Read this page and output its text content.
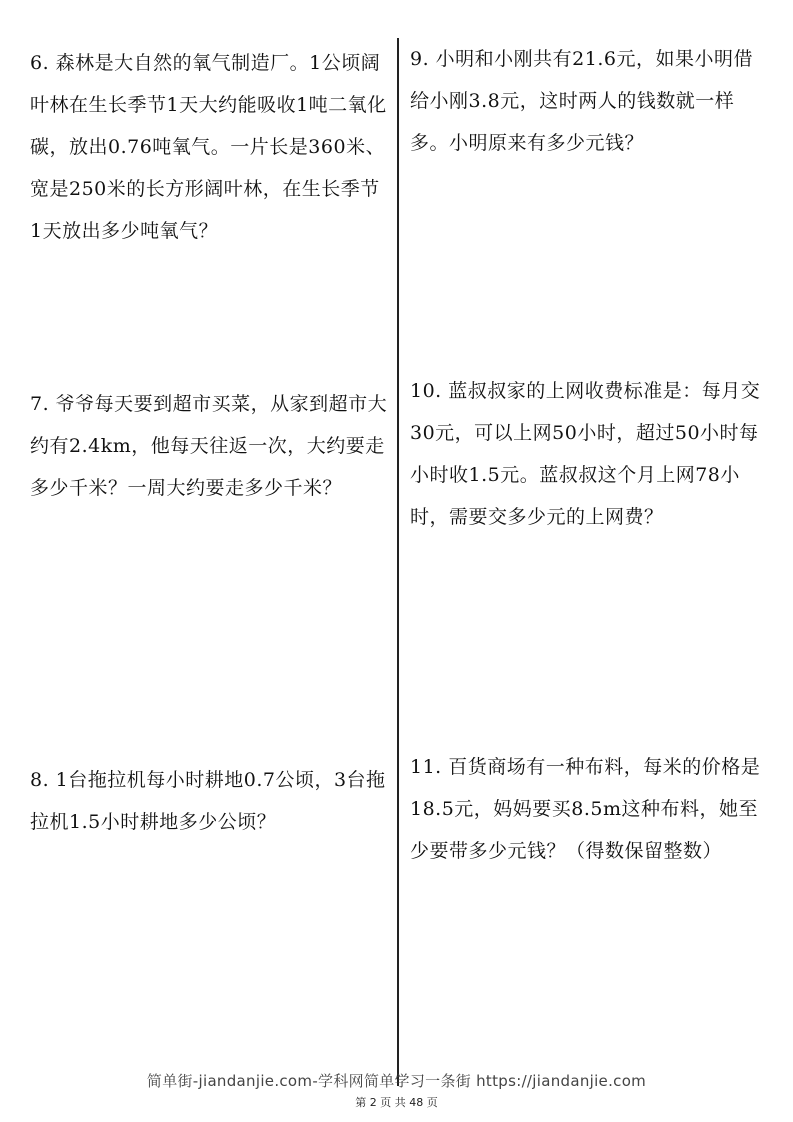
6. 森林是大自然的氧气制造厂。1公顷阔叶林在生长季节1天大约能吸收1吨二氧化碳，放出0.76吨氧气。一片长是360米、宽是250米的长方形阔叶林，在生长季节1天放出多少吨氧气？

7. 爷爷每天要到超市买菜，从家到超市大约有2.4km，他每天往返一次，大约要走多少千米？一周大约要走多少千米？

8. 1台拖拉机每小时耕地0.7公顷，3台拖拉机1.5小时耕地多少公顷？

9. 小明和小刚共有21.6元，如果小明借给小刚3.8元，这时两人的钱数就一样多。小明原来有多少元钱？

10. 蓝叔叔家的上网收费标准是：每月交30元，可以上网50小时，超过50小时每小时收1.5元。蓝叔叔这个月上网78小时，需要交多少元的上网费？

11. 百货商场有一种布料，每米的价格是18.5元，妈妈要买8.5m这种布料，她至少要带多少元钱？（得数保留整数）

简单街-jiandanjie.com-学科网简单学习一条街 https://jiandanjie.com
第 2 页 共 48 页
